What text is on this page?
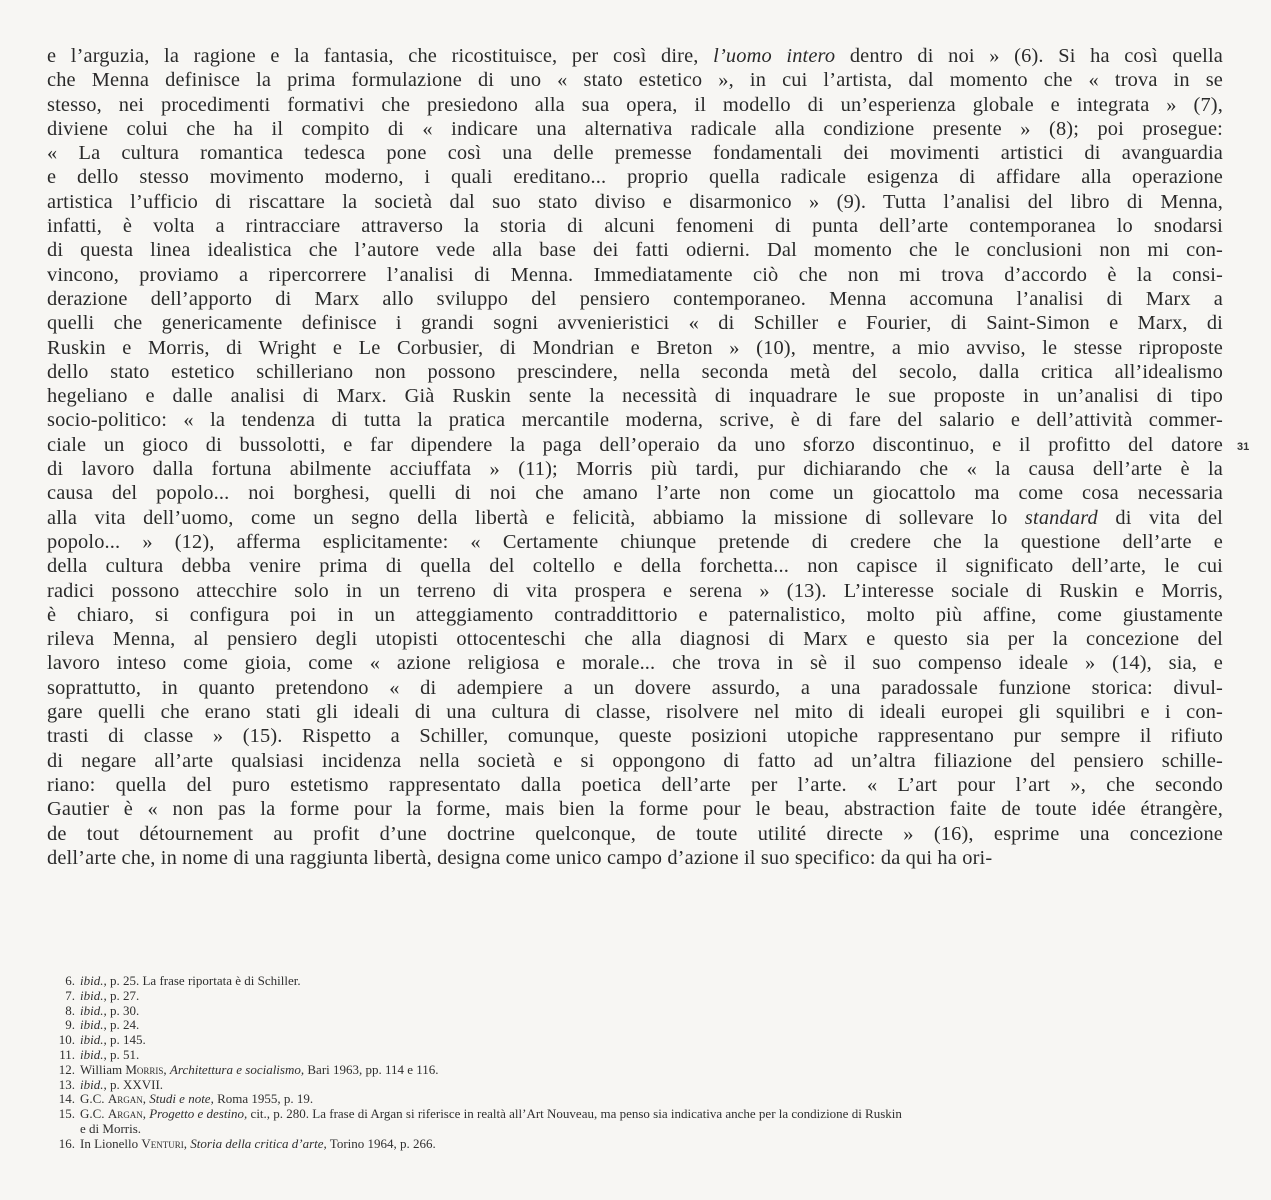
e l’arguzia, la ragione e la fantasia, che ricostituisce, per così dire, l’uomo intero dentro di noi » (6). Si ha così quella
che Menna definisce la prima formulazione di uno « stato estetico », in cui l’artista, dal momento che « trova in se
stesso, nei procedimenti formativi che presiedono alla sua opera, il modello di un’esperienza globale e integrata » (7),
diviene colui che ha il compito di « indicare una alternativa radicale alla condizione presente » (8); poi prosegue:
« La cultura romantica tedesca pone così una delle premesse fondamentali dei movimenti artistici di avanguardia
e dello stesso movimento moderno, i quali ereditano... proprio quella radicale esigenza di affidare alla operazione
artistica l’ufficio di riscattare la società dal suo stato diviso e disarmonico » (9). Tutta l’analisi del libro di Menna,
infatti, è volta a rintracciare attraverso la storia di alcuni fenomeni di punta dell’arte contemporanea lo snodarsi
di questa linea idealistica che l’autore vede alla base dei fatti odierni. Dal momento che le conclusioni non mi con-
vincono, proviamo a ripercorrere l’analisi di Menna. Immediatamente ciò che non mi trova d’accordo è la consi-
derazione dell’apporto di Marx allo sviluppo del pensiero contemporaneo. Menna accomuna l’analisi di Marx a
quelli che genericamente definisce i grandi sogni avvenieristici « di Schiller e Fourier, di Saint-Simon e Marx, di
Ruskin e Morris, di Wright e Le Corbusier, di Mondrian e Breton » (10), mentre, a mio avviso, le stesse riproposte
dello stato estetico schilleriano non possono prescindere, nella seconda metà del secolo, dalla critica all’idealismo
hegeliano e dalle analisi di Marx. Già Ruskin sente la necessità di inquadrare le sue proposte in un’analisi di tipo
socio-politico: « la tendenza di tutta la pratica mercantile moderna, scrive, è di fare del salario e dell’attività commer-
ciale un gioco di bussolotti, e far dipendere la paga dell’operaio da uno sforzo discontinuo, e il profitto del datore
di lavoro dalla fortuna abilmente acciuffata » (11); Morris più tardi, pur dichiarando che « la causa dell’arte è la
causa del popolo... noi borghesi, quelli di noi che amano l’arte non come un giocattolo ma come cosa necessaria
alla vita dell’uomo, come un segno della libertà e felicità, abbiamo la missione di sollevare lo standard di vita del
popolo... » (12), afferma esplicitamente: « Certamente chiunque pretende di credere che la questione dell’arte e
della cultura debba venire prima di quella del coltello e della forchetta... non capisce il significato dell’arte, le cui
radici possono attecchire solo in un terreno di vita prospera e serena » (13). L’interesse sociale di Ruskin e Morris,
è chiaro, si configura poi in un atteggiamento contraddittorio e paternalistico, molto più affine, come giustamente
rileva Menna, al pensiero degli utopisti ottocenteschi che alla diagnosi di Marx e questo sia per la concezione del
lavoro inteso come gioia, come « azione religiosa e morale... che trova in sè il suo compenso ideale » (14), sia, e
soprattutto, in quanto pretendono « di adempiere a un dovere assurdo, a una paradossale funzione storica: divul-
gare quelli che erano stati gli ideali di una cultura di classe, risolvere nel mito di ideali europei gli squilibri e i con-
trasti di classe » (15). Rispetto a Schiller, comunque, queste posizioni utopiche rappresentano pur sempre il rifiuto
di negare all’arte qualsiasi incidenza nella società e si oppongono di fatto ad un’altra filiazione del pensiero schille-
riano: quella del puro estetismo rappresentato dalla poetica dell’arte per l’arte. « L’art pour l’art », che secondo
Gautier è « non pas la forme pour la forme, mais bien la forme pour le beau, abstraction faite de toute idée étrangère,
de tout détournement au profit d’une doctrine quelconque, de toute utilité directe » (16), esprime una concezione
dell’arte che, in nome di una raggiunta libertà, designa come unico campo d’azione il suo specifico: da qui ha ori-
31
6. ibid., p. 25. La frase riportata è di Schiller.
7. ibid., p. 27.
8. ibid., p. 30.
9. ibid., p. 24.
10. ibid., p. 145.
11. ibid., p. 51.
12. William Morris, Architettura e socialismo, Bari 1963, pp. 114 e 116.
13. ibid., p. XXVII.
14. G.C. Argan, Studi e note, Roma 1955, p. 19.
15. G.C. Argan, Progetto e destino, cit., p. 280. La frase di Argan si riferisce in realtà all’Art Nouveau, ma penso sia indicativa anche per la condizione di Ruskin
e di Morris.
16. In Lionello Venturi, Storia della critica d’arte, Torino 1964, p. 266.
